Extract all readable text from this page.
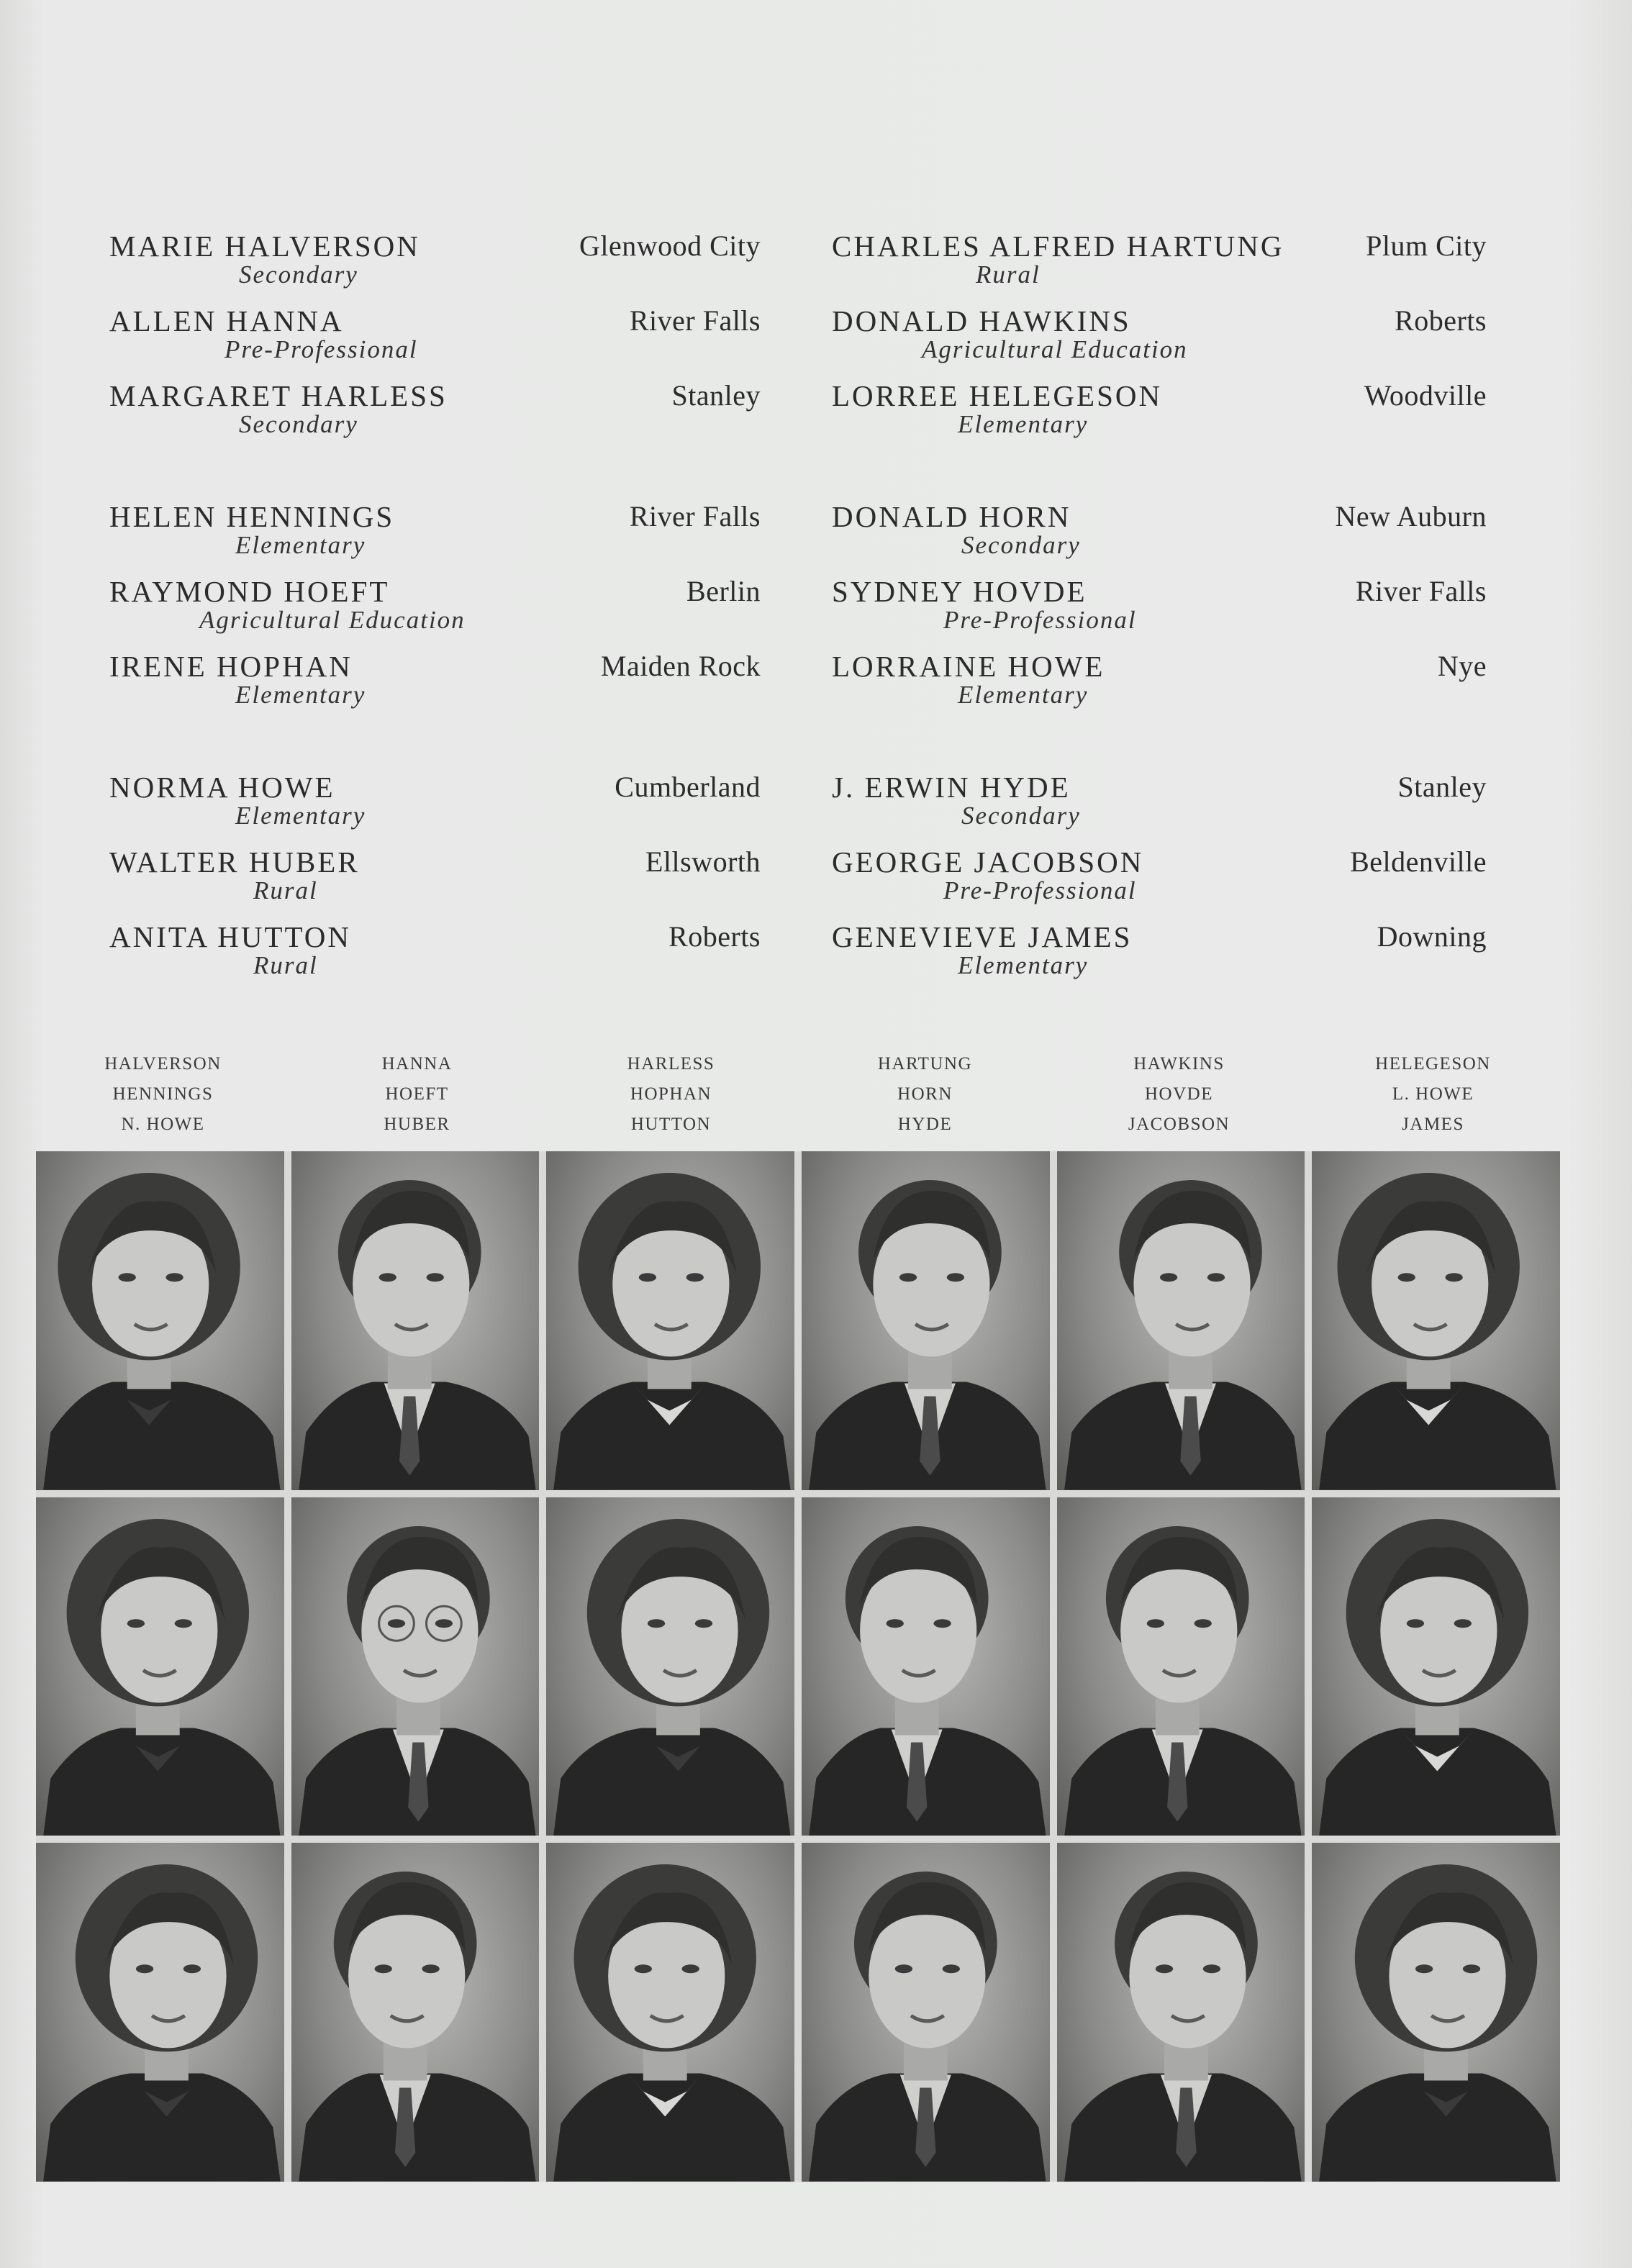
MARIE HALVERSON	Glenwood City
Secondary
ALLEN HANNA	River Falls
Pre-Professional
MARGARET HARLESS	Stanley
Secondary
HELEN HENNINGS	River Falls
Elementary
RAYMOND HOEFT	Berlin
Agricultural Education
IRENE HOPHAN	Maiden Rock
Elementary
NORMA HOWE	Cumberland
Elementary
WALTER HUBER	Ellsworth
Rural
ANITA HUTTON	Roberts
Rural
CHARLES ALFRED HARTUNG	Plum City
Rural
DONALD HAWKINS	Roberts
Agricultural Education
LORREE HELEGESON	Woodville
Elementary
DONALD HORN	New Auburn
Secondary
SYDNEY HOVDE	River Falls
Pre-Professional
LORRAINE HOWE	Nye
Elementary
J. ERWIN HYDE	Stanley
Secondary
GEORGE JACOBSON	Beldenville
Pre-Professional
GENEVIEVE JAMES	Downing
Elementary
HALVERSON
HENNINGS
N. HOWE
HANNA
HOEFT
HUBER
HARLESS
HOPHAN
HUTTON
HARTUNG
HORN
HYDE
HAWKINS
HOVDE
JACOBSON
HELEGESON
L. HOWE
JAMES
